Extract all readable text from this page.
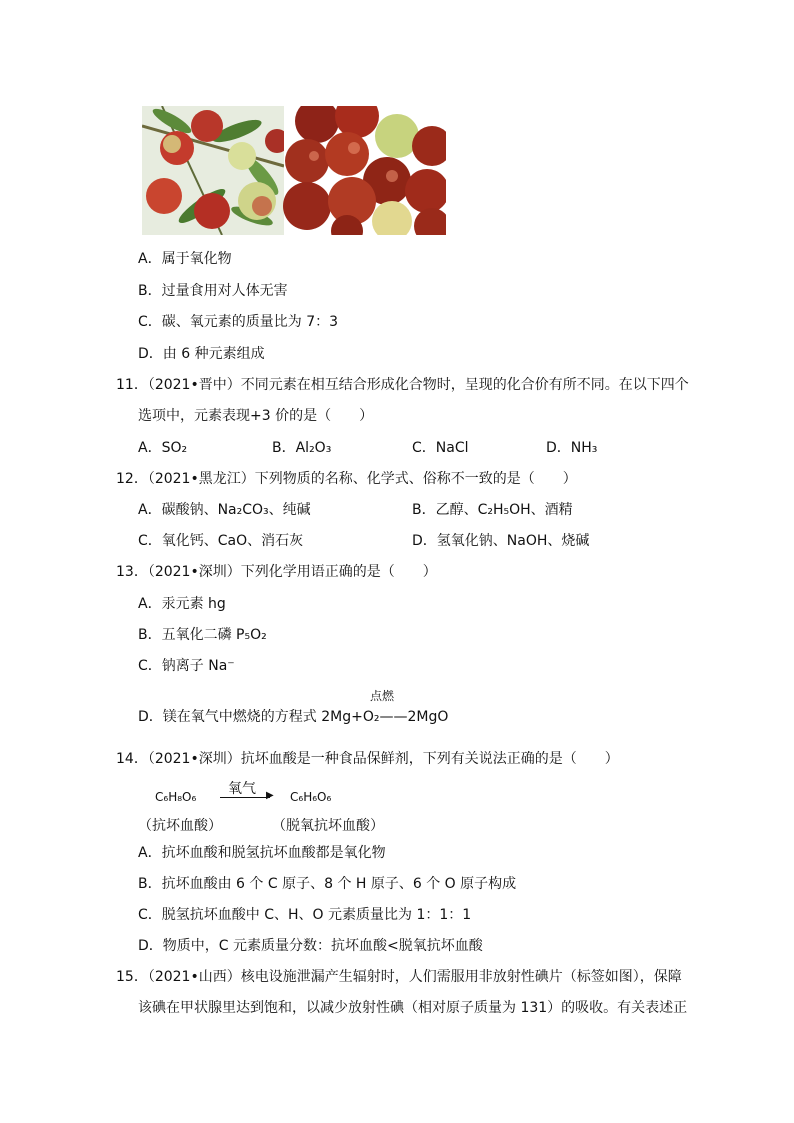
A．属于氧化物
B．过量食用对人体无害
C．碳、氧元素的质量比为 7：3
D．由 6 种元素组成
11．（2021•晋中）不同元素在相互结合形成化合物时，呈现的化合价有所不同。在以下四个
选项中，元素表现+3 价的是（　　）
A．SO₂	B．Al₂O₃	C．NaCl	D．NH₃
12．（2021•黑龙江）下列物质的名称、化学式、俗称不一致的是（　　）
A．碳酸钠、Na₂CO₃、纯碱	B．乙醇、C₂H₅OH、酒精
C．氧化钙、CaO、消石灰	D．氢氧化钠、NaOH、烧碱
13．（2021•深圳）下列化学用语正确的是（　　）
A．汞元素 hg
B．五氧化二磷 P₅O₂
C．钠离子 Na⁻
点燃
D．镁在氧气中燃烧的方程式 2Mg+O₂——2MgO
14．（2021•深圳）抗坏血酸是一种食品保鲜剂，下列有关说法正确的是（　　）
C₆H₈O₆ 氧气 ▶ C₆H₆O₆
（抗坏血酸）	（脱氧抗坏血酸）
A．抗坏血酸和脱氢抗坏血酸都是氧化物
B．抗坏血酸由 6 个 C 原子、8 个 H 原子、6 个 O 原子构成
C．脱氢抗坏血酸中 C、H、O 元素质量比为 1：1：1
D．物质中，C 元素质量分数：抗坏血酸<脱氧抗坏血酸
15．（2021•山西）核电设施泄漏产生辐射时，人们需服用非放射性碘片（标签如图），保障
该碘在甲状腺里达到饱和，以减少放射性碘（相对原子质量为 131）的吸收。有关表述正
